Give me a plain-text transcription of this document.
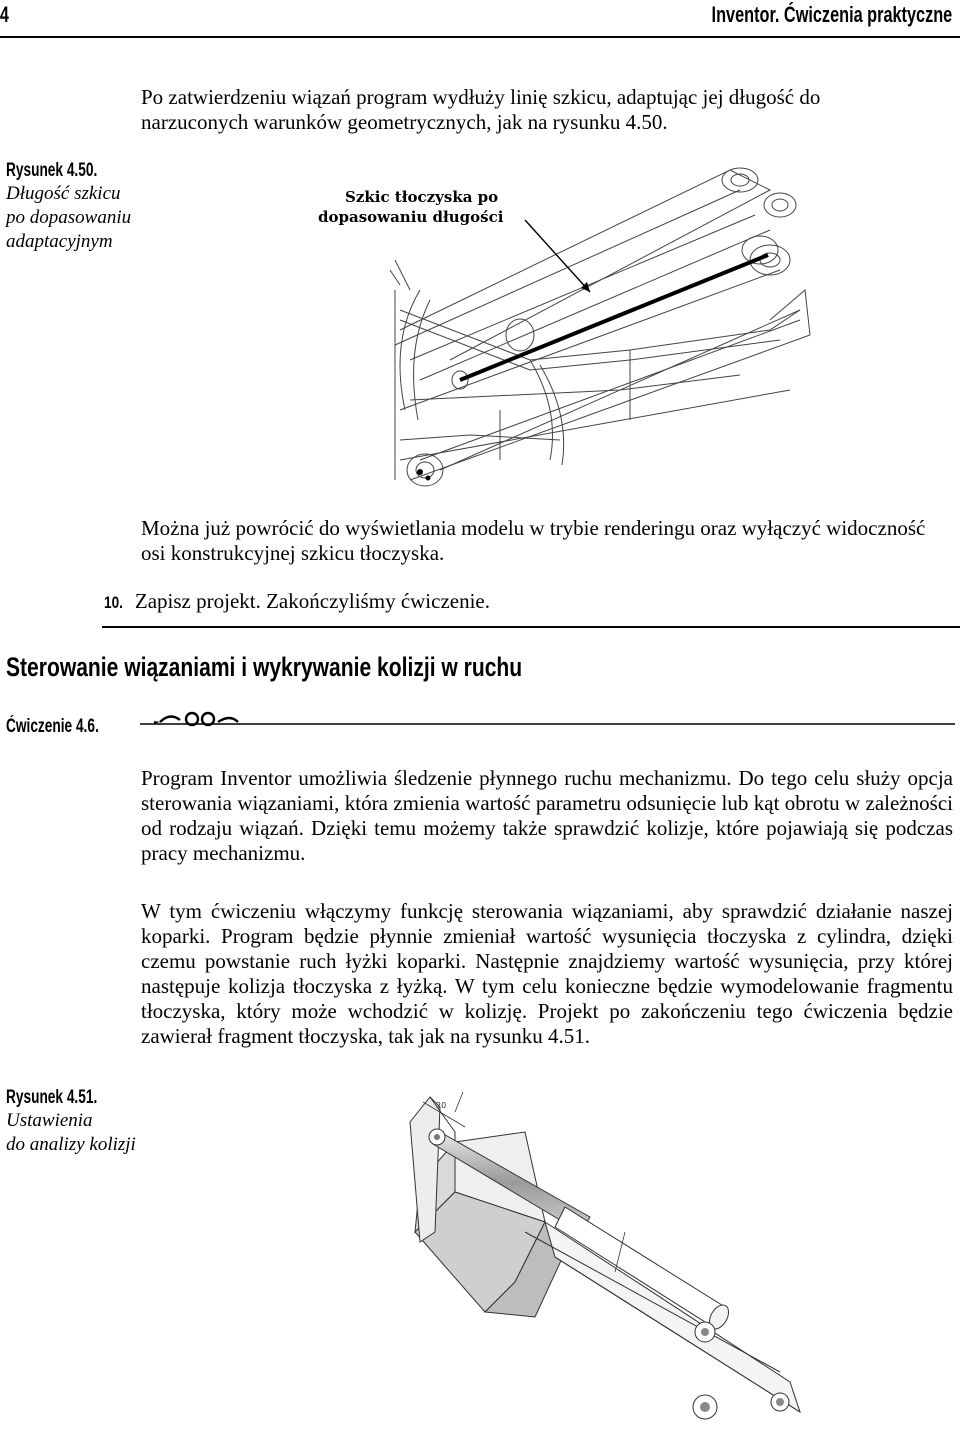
4	Inventor. Ćwiczenia praktyczne

Po zatwierdzeniu wiązań program wydłuży linię szkicu, adaptując jej długość do narzuconych warunków geometrycznych, jak na rysunku 4.50.

Rysunek 4.50.
Długość szkicu
po dopasowaniu
adaptacyjnym
Szkic tłoczyska po
dopasowaniu długości

Można już powrócić do wyświetlania modelu w trybie renderingu oraz wyłączyć widoczność osi konstrukcyjnej szkicu tłoczyska.

10. Zapisz projekt. Zakończyliśmy ćwiczenie.

Sterowanie wiązaniami i wykrywanie kolizji w ruchu
Ćwiczenie 4.6.

Program Inventor umożliwia śledzenie płynnego ruchu mechanizmu. Do tego celu służy opcja sterowania wiązaniami, która zmienia wartość parametru odsunięcie lub kąt obrotu w zależności od rodzaju wiązań. Dzięki temu możemy także sprawdzić kolizje, które pojawiają się podczas pracy mechanizmu.

W tym ćwiczeniu włączymy funkcję sterowania wiązaniami, aby sprawdzić działanie naszej koparki. Program będzie płynnie zmieniał wartość wysunięcia tłoczyska z cylindra, dzięki czemu powstanie ruch łyżki koparki. Następnie znajdziemy wartość wysunięcia, przy której następuje kolizja tłoczyska z łyżką. W tym celu konieczne będzie wymodelowanie fragmentu tłoczyska, który może wchodzić w kolizję. Projekt po zakończeniu tego ćwiczenia będzie zawierał fragment tłoczyska, tak jak na rysunku 4.51.

Rysunek 4.51.
Ustawienia
do analizy kolizji
20
